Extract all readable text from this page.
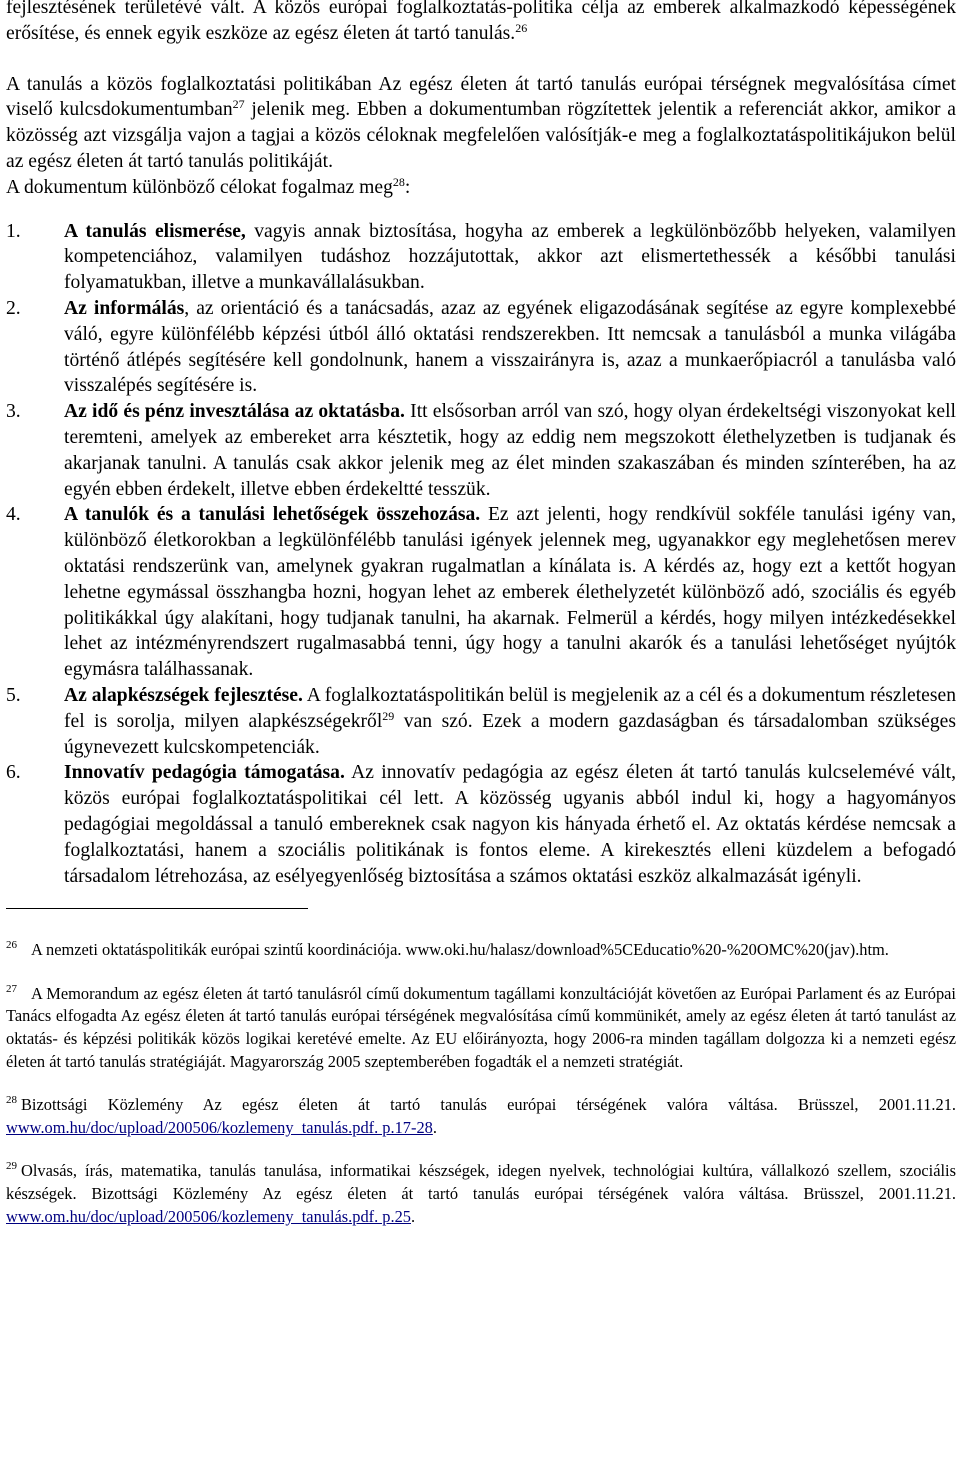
fejlesztésének területévé vált. A közös európai foglalkoztatás-politika célja az emberek alkalmazkodó képességének erősítése, és ennek egyik eszköze az egész életen át tartó tanulás.$^{26}$

A tanulás a közös foglalkoztatási politikában Az egész életen át tartó tanulás európai térségnek megvalósítása címet viselő kulcsdokumentumban$^{27}$ jelenik meg. Ebben a dokumentumban rögzítettek jelentik a referenciát akkor, amikor a közösség azt vizsgálja vajon a tagjai a közös céloknak megfelelően valósítják-e meg a foglalkoztatáspolitikájukon belül az egész életen át tartó tanulás politikáját.

A dokumentum különböző célokat fogalmaz meg$^{28}$:

1.	A tanulás elismerése, vagyis annak biztosítása, hogyha az emberek a legkülönbözőbb helyeken, valamilyen kompetenciához, valamilyen tudáshoz hozzájutottak, akkor azt elismertethessék a későbbi tanulási folyamatukban, illetve a munkavállalásukban.
2.	Az informálás, az orientáció és a tanácsadás, azaz az egyének eligazodásának segítése az egyre komplexebbé váló, egyre különfélébb képzési útból álló oktatási rendszerekben. Itt nemcsak a tanulásból a munka világába történő átlépés segítésére kell gondolnunk, hanem a visszairányra is, azaz a munkaerőpiacról a tanulásba való visszalépés segítésére is.
3.	Az idő és pénz invesztálása az oktatásba. Itt elsősorban arról van szó, hogy olyan érdekeltségi viszonyokat kell teremteni, amelyek az embereket arra késztetik, hogy az eddig nem megszokott élethelyzetben is tudjanak és akarjanak tanulni. A tanulás csak akkor jelenik meg az élet minden szakaszában és minden színterében, ha az egyén ebben érdekelt, illetve ebben érdekeltté tesszük.
4.	A tanulók és a tanulási lehetőségek összehozása. Ez azt jelenti, hogy rendkívül sokféle tanulási igény van, különböző életkorokban a legkülönfélébb tanulási igények jelennek meg, ugyanakkor egy meglehetősen merev oktatási rendszerünk van, amelynek gyakran rugalmatlan a kínálata is. A kérdés az, hogy ezt a kettőt hogyan lehetne egymással összhangba hozni, hogyan lehet az emberek élethelyzetét különböző adó, szociális és egyéb politikákkal úgy alakítani, hogy tudjanak tanulni, ha akarnak. Felmerül a kérdés, hogy milyen intézkedésekkel lehet az intézményrendszert rugalmasabbá tenni, úgy hogy a tanulni akarók és a tanulási lehetőséget nyújtók egymásra találhassanak.
5.	Az alapkészségek fejlesztése. A foglalkoztatáspolitikán belül is megjelenik az a cél és a dokumentum részletesen fel is sorolja, milyen alapkészségekről$^{29}$ van szó. Ezek a modern gazdaságban és társadalomban szükséges úgynevezett kulcskompetenciák.
6.	Innovatív pedagógia támogatása. Az innovatív pedagógia az egész életen át tartó tanulás kulcselemévé vált, közös európai foglalkoztatáspolitikai cél lett. A közösség ugyanis abból indul ki, hogy a hagyományos pedagógiai megoldással a tanuló embereknek csak nagyon kis hányada érhető el. Az oktatás kérdése nemcsak a foglalkoztatási, hanem a szociális politikának is fontos eleme. A kirekesztés elleni küzdelem a befogadó társadalom létrehozása, az esélyegyenlőség biztosítása a számos oktatási eszköz alkalmazását igényli.

$^{26}$ A nemzeti oktatáspolitikák európai szintű koordinációja. www.oki.hu/halasz/download%5CEducatio%20-%20OMC%20(jav).htm.

$^{27}$ A Memorandum az egész életen át tartó tanulásról című dokumentum tagállami konzultációját követően az Európai Parlament és az Európai Tanács elfogadta Az egész életen át tartó tanulás európai térségének megvalósítása című kommünikét, amely az egész életen át tartó tanulást az oktatás- és képzési politikák közös logikai keretévé emelte. Az EU előirányozta, hogy 2006-ra minden tagállam dolgozza ki a nemzeti egész életen át tartó tanulás stratégiáját. Magyarország 2005 szeptemberében fogadták el a nemzeti stratégiát.

$^{28}$ Bizottsági Közlemény Az egész életen át tartó tanulás európai térségének valóra váltása. Brüsszel, 2001.11.21. www.om.hu/doc/upload/200506/kozlemeny_tanulás.pdf. p.17-28.

$^{29}$ Olvasás, írás, matematika, tanulás tanulása, informatikai készségek, idegen nyelvek, technológiai kultúra, vállalkozó szellem, szociális készségek. Bizottsági Közlemény Az egész életen át tartó tanulás európai térségének valóra váltása. Brüsszel, 2001.11.21. www.om.hu/doc/upload/200506/kozlemeny_tanulás.pdf. p.25.
